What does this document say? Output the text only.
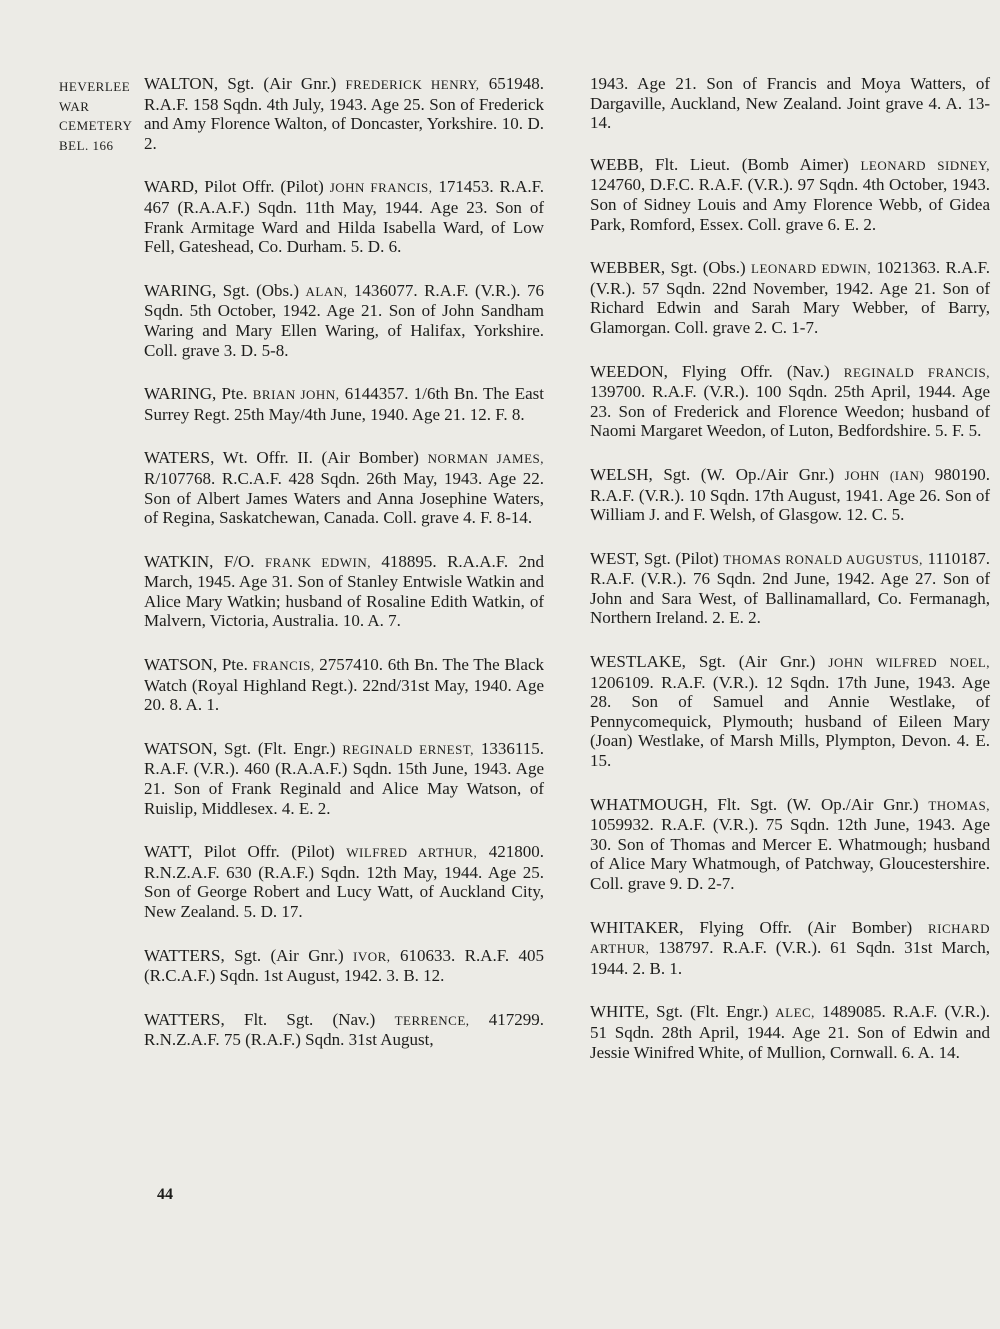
HEVERLEE
WAR
CEMETERY
BEL. 166

WALTON, Sgt. (Air Gnr.) FREDERICK HENRY, 651948. R.A.F. 158 Sqdn. 4th July, 1943. Age 25. Son of Frederick and Amy Florence Walton, of Doncaster, Yorkshire. 10. D. 2.

WARD, Pilot Offr. (Pilot) JOHN FRANCIS, 171453. R.A.F. 467 (R.A.A.F.) Sqdn. 11th May, 1944. Age 23. Son of Frank Armitage Ward and Hilda Isabella Ward, of Low Fell, Gateshead, Co. Durham. 5. D. 6.

WARING, Sgt. (Obs.) ALAN, 1436077. R.A.F. (V.R.). 76 Sqdn. 5th October, 1942. Age 21. Son of John Sandham Waring and Mary Ellen Waring, of Halifax, Yorkshire. Coll. grave 3. D. 5-8.

WARING, Pte. BRIAN JOHN, 6144357. 1/6th Bn. The East Surrey Regt. 25th May/4th June, 1940. Age 21. 12. F. 8.

WATERS, Wt. Offr. II. (Air Bomber) NORMAN JAMES, R/107768. R.C.A.F. 428 Sqdn. 26th May, 1943. Age 22. Son of Albert James Waters and Anna Josephine Waters, of Regina, Saskatchewan, Canada. Coll. grave 4. F. 8-14.

WATKIN, F/O. FRANK EDWIN, 418895. R.A.A.F. 2nd March, 1945. Age 31. Son of Stanley Entwisle Watkin and Alice Mary Watkin; husband of Rosaline Edith Watkin, of Malvern, Victoria, Australia. 10. A. 7.

WATSON, Pte. FRANCIS, 2757410. 6th Bn. The The Black Watch (Royal Highland Regt.). 22nd/31st May, 1940. Age 20. 8. A. 1.

WATSON, Sgt. (Flt. Engr.) REGINALD ERNEST, 1336115. R.A.F. (V.R.). 460 (R.A.A.F.) Sqdn. 15th June, 1943. Age 21. Son of Frank Reginald and Alice May Watson, of Ruislip, Middlesex. 4. E. 2.

WATT, Pilot Offr. (Pilot) WILFRED ARTHUR, 421800. R.N.Z.A.F. 630 (R.A.F.) Sqdn. 12th May, 1944. Age 25. Son of George Robert and Lucy Watt, of Auckland City, New Zealand. 5. D. 17.

WATTERS, Sgt. (Air Gnr.) IVOR, 610633. R.A.F. 405 (R.C.A.F.) Sqdn. 1st August, 1942. 3. B. 12.

WATTERS, Flt. Sgt. (Nav.) TERRENCE, 417299. R.N.Z.A.F. 75 (R.A.F.) Sqdn. 31st August,

1943. Age 21. Son of Francis and Moya Watters, of Dargaville, Auckland, New Zealand. Joint grave 4. A. 13-14.

WEBB, Flt. Lieut. (Bomb Aimer) LEONARD SIDNEY, 124760, D.F.C. R.A.F. (V.R.). 97 Sqdn. 4th October, 1943. Son of Sidney Louis and Amy Florence Webb, of Gidea Park, Romford, Essex. Coll. grave 6. E. 2.

WEBBER, Sgt. (Obs.) LEONARD EDWIN, 1021363. R.A.F. (V.R.). 57 Sqdn. 22nd November, 1942. Age 21. Son of Richard Edwin and Sarah Mary Webber, of Barry, Glamorgan. Coll. grave 2. C. 1-7.

WEEDON, Flying Offr. (Nav.) REGINALD FRANCIS, 139700. R.A.F. (V.R.). 100 Sqdn. 25th April, 1944. Age 23. Son of Frederick and Florence Weedon; husband of Naomi Margaret Weedon, of Luton, Bedfordshire. 5. F. 5.

WELSH, Sgt. (W. Op./Air Gnr.) JOHN (IAN) 980190. R.A.F. (V.R.). 10 Sqdn. 17th August, 1941. Age 26. Son of William J. and F. Welsh, of Glasgow. 12. C. 5.

WEST, Sgt. (Pilot) THOMAS RONALD AUGUSTUS, 1110187. R.A.F. (V.R.). 76 Sqdn. 2nd June, 1942. Age 27. Son of John and Sara West, of Ballinamallard, Co. Fermanagh, Northern Ireland. 2. E. 2.

WESTLAKE, Sgt. (Air Gnr.) JOHN WILFRED NOEL, 1206109. R.A.F. (V.R.). 12 Sqdn. 17th June, 1943. Age 28. Son of Samuel and Annie Westlake, of Pennycomequick, Plymouth; husband of Eileen Mary (Joan) Westlake, of Marsh Mills, Plympton, Devon. 4. E. 15.

WHATMOUGH, Flt. Sgt. (W. Op./Air Gnr.) THOMAS, 1059932. R.A.F. (V.R.). 75 Sqdn. 12th June, 1943. Age 30. Son of Thomas and Mercer E. Whatmough; husband of Alice Mary Whatmough, of Patchway, Gloucestershire. Coll. grave 9. D. 2-7.

WHITAKER, Flying Offr. (Air Bomber) RICHARD ARTHUR, 138797. R.A.F. (V.R.). 61 Sqdn. 31st March, 1944. 2. B. 1.

WHITE, Sgt. (Flt. Engr.) ALEC, 1489085. R.A.F. (V.R.). 51 Sqdn. 28th April, 1944. Age 21. Son of Edwin and Jessie Winifred White, of Mullion, Cornwall. 6. A. 14.

44
